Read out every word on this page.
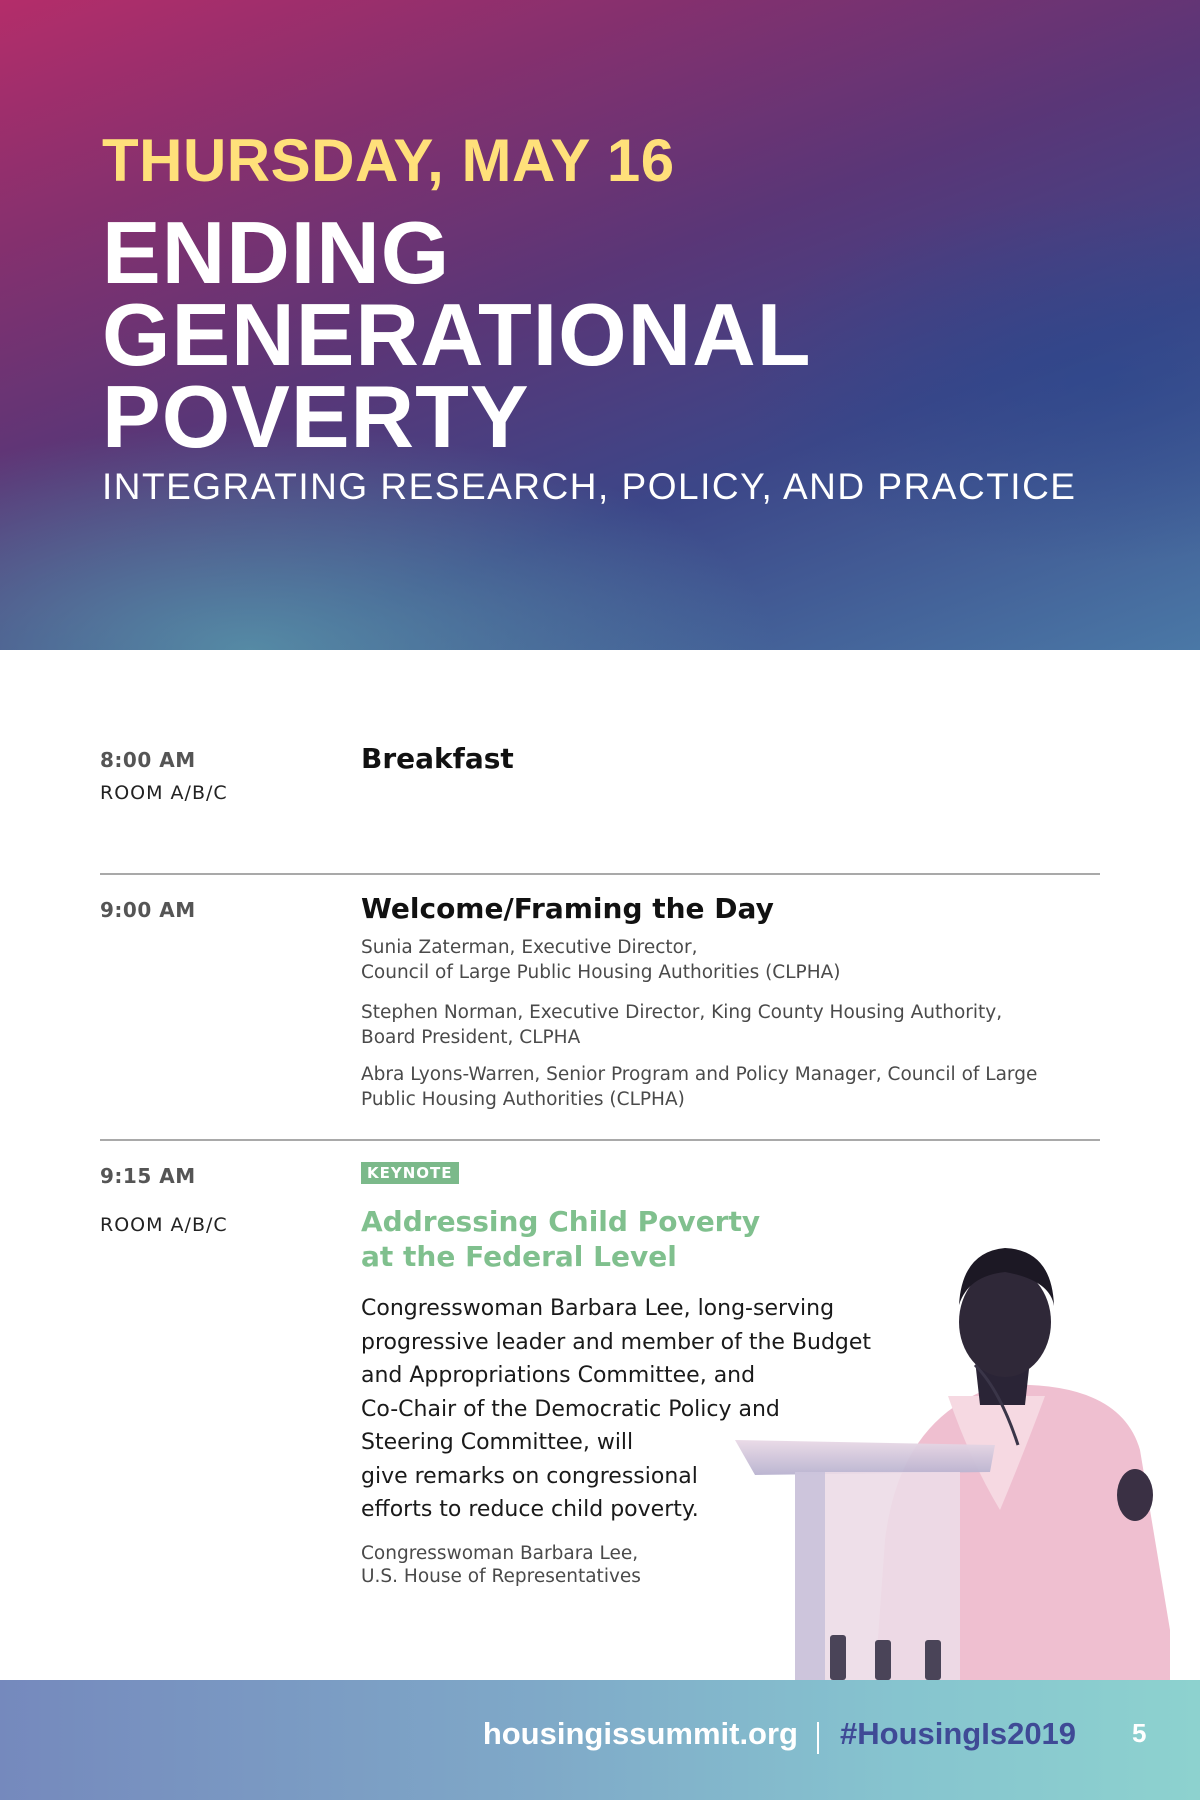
THURSDAY, MAY 16
ENDING
GENERATIONAL
POVERTY
INTEGRATING RESEARCH, POLICY, AND PRACTICE
8:00 AM
ROOM A/B/C
Breakfast
9:00 AM	Welcome/Framing the Day
Sunia Zaterman, Executive Director,
Council of Large Public Housing Authorities (CLPHA)
Stephen Norman, Executive Director, King County Housing Authority,
Board President, CLPHA
Abra Lyons-Warren, Senior Program and Policy Manager, Council of Large
Public Housing Authorities (CLPHA)
9:15 AM
ROOM A/B/C
KEYNOTE
Addressing Child Poverty
at the Federal Level
Congresswoman Barbara Lee, long-serving
progressive leader and member of the Budget
and Appropriations Committee, and
Co-Chair of the Democratic Policy and
Steering Committee, will
give remarks on congressional
efforts to reduce child poverty.
Congresswoman Barbara Lee,
U.S. House of Representatives
housingissummit.org #HousingIs2019 5
